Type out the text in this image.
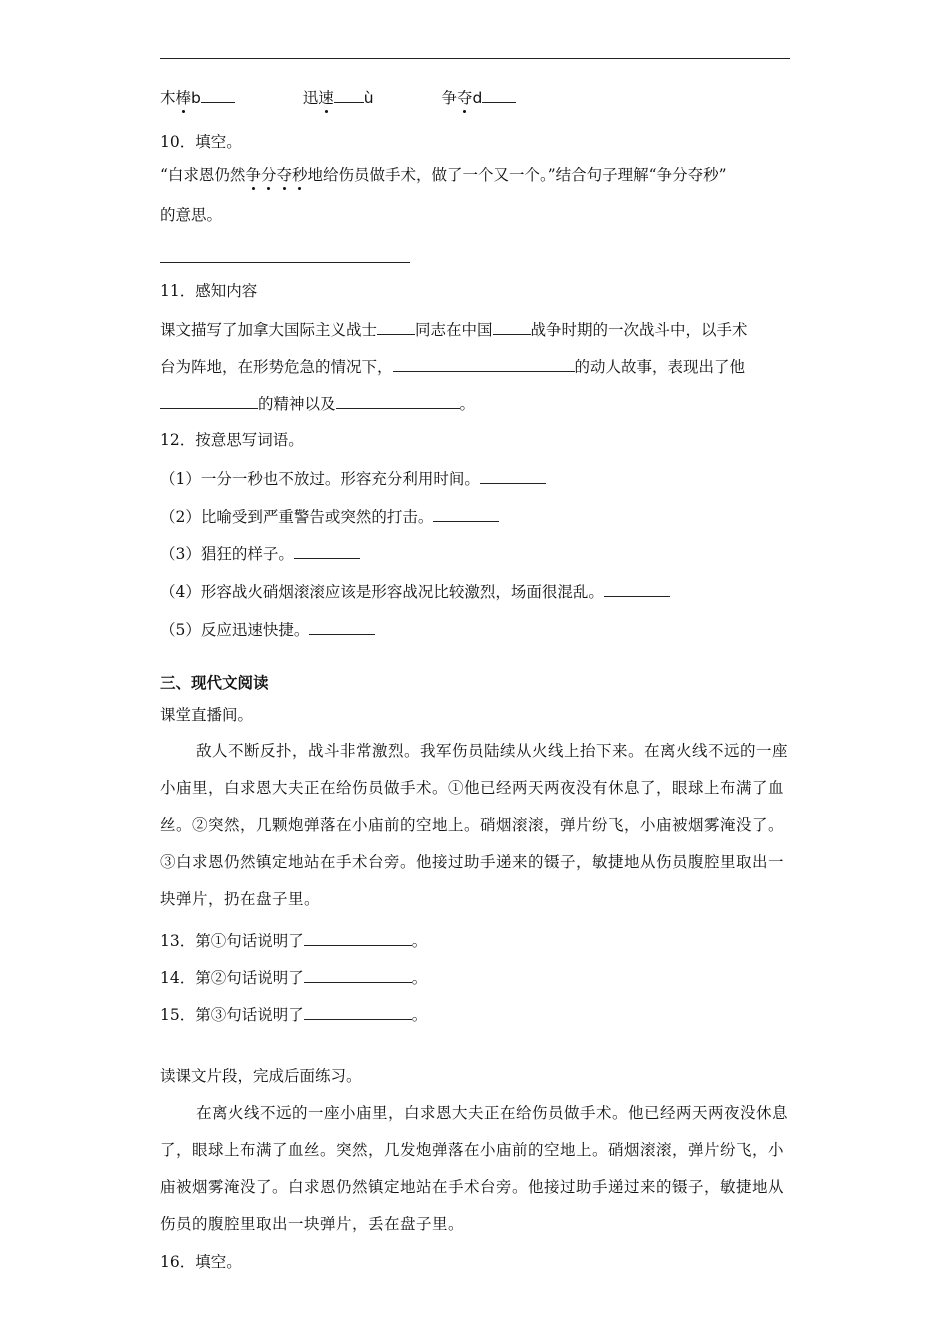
木棒b	迅速 ù	争夺d
10．填空。
“白求恩仍然争分夺秒地给伤员做手术，做了一个又一个。”结合句子理解“争分夺秒”
的意思。
11．感知内容
课文描写了加拿大国际主义战士 同志在中国 战争时期的一次战斗中，以手术
台为阵地，在形势危急的情况下，	的动人故事，表现出了他
的精神以及	。
12．按意思写词语。
（1）一分一秒也不放过。形容充分利用时间。
（2）比喻受到严重警告或突然的打击。
（3）猖狂的样子。
（4）形容战火硝烟滚滚应该是形容战况比较激烈，场面很混乱。
（5）反应迅速快捷。
三、现代文阅读
课堂直播间。
敌人不断反扑，战斗非常激烈。我军伤员陆续从火线上抬下来。在离火线不远的一座小庙里，白求恩大夫正在给伤员做手术。①他已经两天两夜没有休息了，眼球上布满了血丝。②突然，几颗炮弹落在小庙前的空地上。硝烟滚滚，弹片纷飞，小庙被烟雾淹没了。③白求恩仍然镇定地站在手术台旁。他接过助手递来的镊子，敏捷地从伤员腹腔里取出一块弹片，扔在盘子里。
13．第①句话说明了	。
14．第②句话说明了	。
15．第③句话说明了	。
读课文片段，完成后面练习。
在离火线不远的一座小庙里，白求恩大夫正在给伤员做手术。他已经两天两夜没休息了，眼球上布满了血丝。突然，几发炮弹落在小庙前的空地上。硝烟滚滚，弹片纷飞，小庙被烟雾淹没了。白求恩仍然镇定地站在手术台旁。他接过助手递过来的镊子，敏捷地从伤员的腹腔里取出一块弹片，丢在盘子里。
16．填空。
